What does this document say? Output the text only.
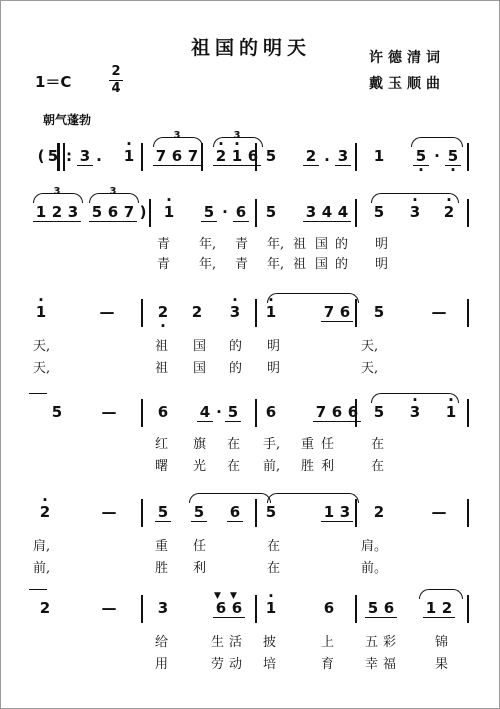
祖国的明天	许德清词
戴玉顺曲
1＝C
2
4
朝气蓬勃
3	3
( 5 : 3 .	· 1 7 6 7 · 2 · 1 6 5 2 . 3 1 · 5 · · 5
3	3
1 2 3 5 6 7 )	· 1 5 · 6 5 3 4 4 5 · 3 · 2
· 1	—	· 2 2 · 3 · 1	7 6 5	—
5	—	6 4 · 5 6	7 6 6 5 · 3 · 1
· 2	—	5 5 6 5	1 3 2	—
▼ ▼
2	—	3	6 6 · 1	6 5 6 1 2
青 年, 青 年, 祖 国 的 明
青 年, 青 年, 祖 国 的 明
天,	祖 国 的 明	天,
天,	祖 国 的 明	天,
红 旗 在 手, 重 任	在
曙 光 在 前, 胜 利	在
肩,	重 任	在	肩。
前,	胜 利	在	前。
给	生 活 披	上 五 彩	锦
用	劳 动 培	育 幸 福	果
